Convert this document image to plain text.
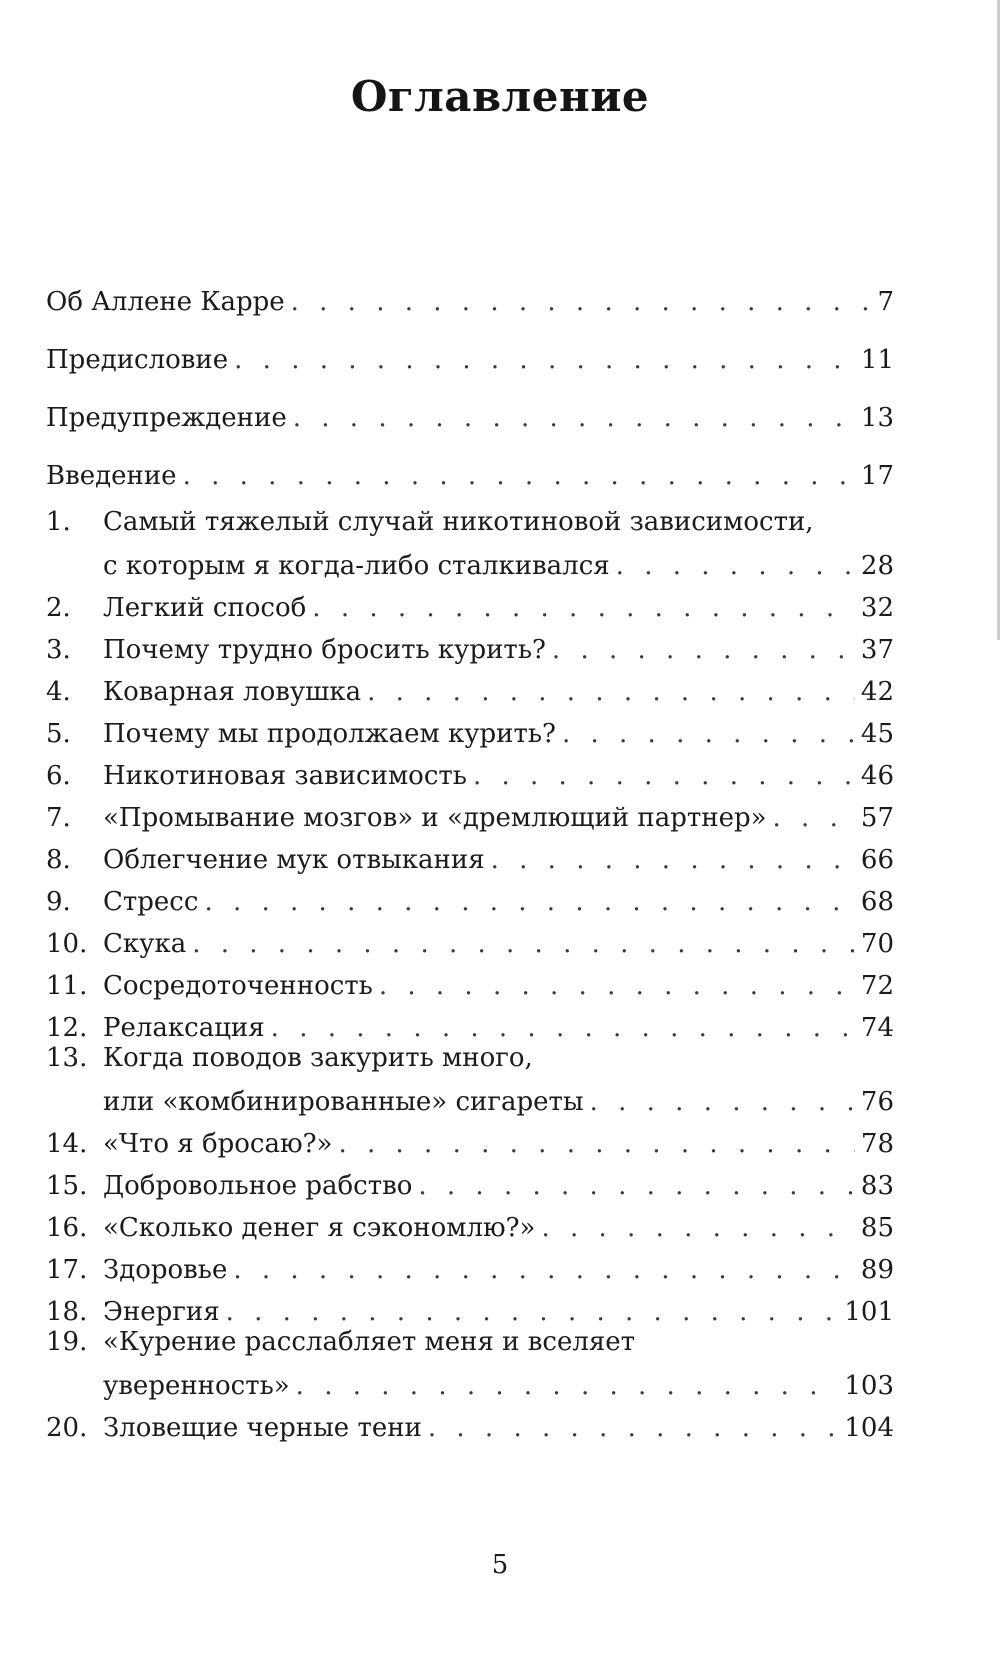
Оглавление
Об Аллене Карре . . .	7
Предисловие . . .	11
Предупреждение . . .	13
Введение . . .	17
1.	Самый тяжелый случай никотиновой зависимости,
с которым я когда-либо сталкивался . . .	28
2.	Легкий способ . . .	32
3.	Почему трудно бросить курить? . . .	37
4.	Коварная ловушка . . .	42
5.	Почему мы продолжаем курить? . . .	45
6.	Никотиновая зависимость . . .	46
7.	«Промывание мозгов» и «дремлющий партнер» . . .	57
8.	Облегчение мук отвыкания . . .	66
9.	Стресс . . .	68
10. Скука . . .	70
11. Сосредоточенность . . .	72
12. Релаксация . . .	74
13. Когда поводов закурить много,
или «комбинированные» сигареты . . .	76
14. «Что я бросаю?» . . .	78
15. Добровольное рабство . . .	83
16. «Сколько денег я сэкономлю?» . . .	85
17. Здоровье . . .	89
18. Энергия . . .	101
19. «Курение расслабляет меня и вселяет
уверенность» . . .	103
20. Зловещие черные тени . . .	104
5
